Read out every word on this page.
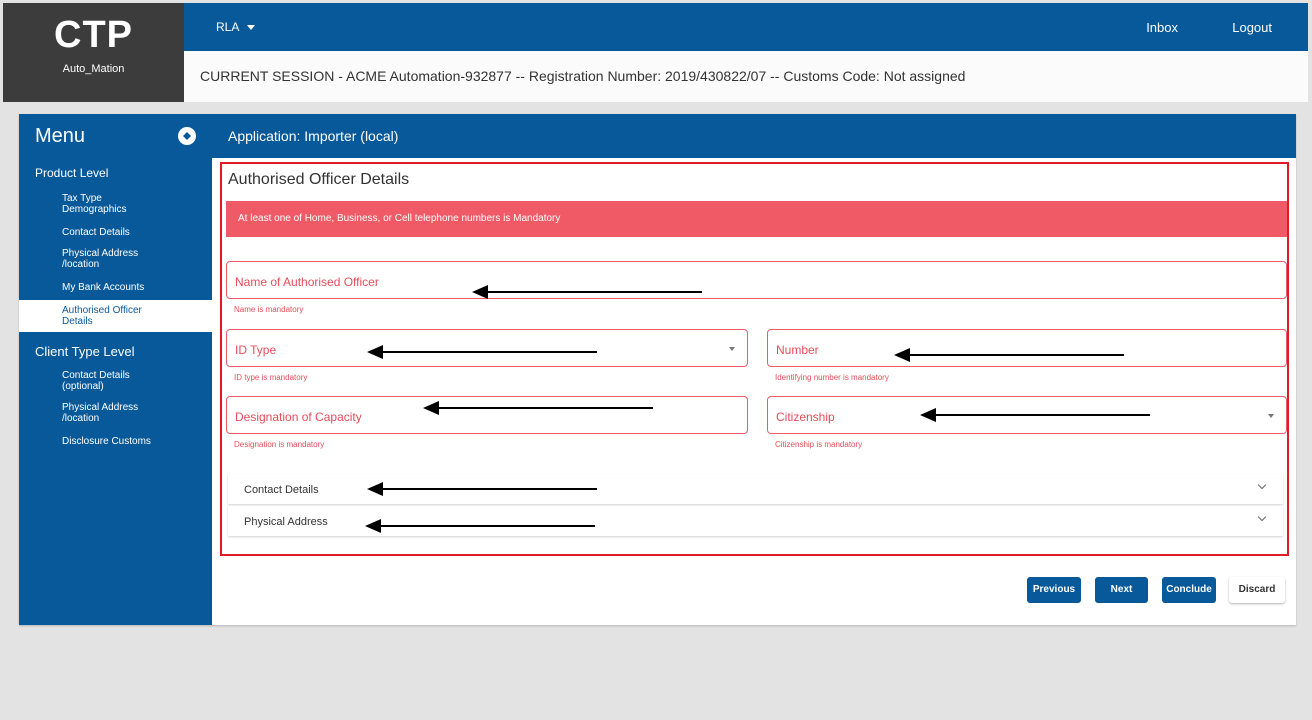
CTP
Auto_Mation
RLA	Inbox	Logout
CURRENT SESSION - ACME Automation-932877 -- Registration Number: 2019/430822/07 -- Customs Code: Not assigned
Menu	Application: Importer (local)
Product Level
Tax Type Demographics
Contact Details
Physical Address /location
My Bank Accounts
Authorised Officer Details
Client Type Level
Contact Details (optional)
Physical Address /location
Disclosure Customs
Authorised Officer Details
At least one of Home, Business, or Cell telephone numbers is Mandatory
Name of Authorised Officer
Name is mandatory
ID Type
ID type is mandatory
Number
Identifying number is mandatory
Designation of Capacity
Designation is mandatory
Citizenship
Citizenship is mandatory
Contact Details
Physical Address
Previous	Next	Conclude	Discard
